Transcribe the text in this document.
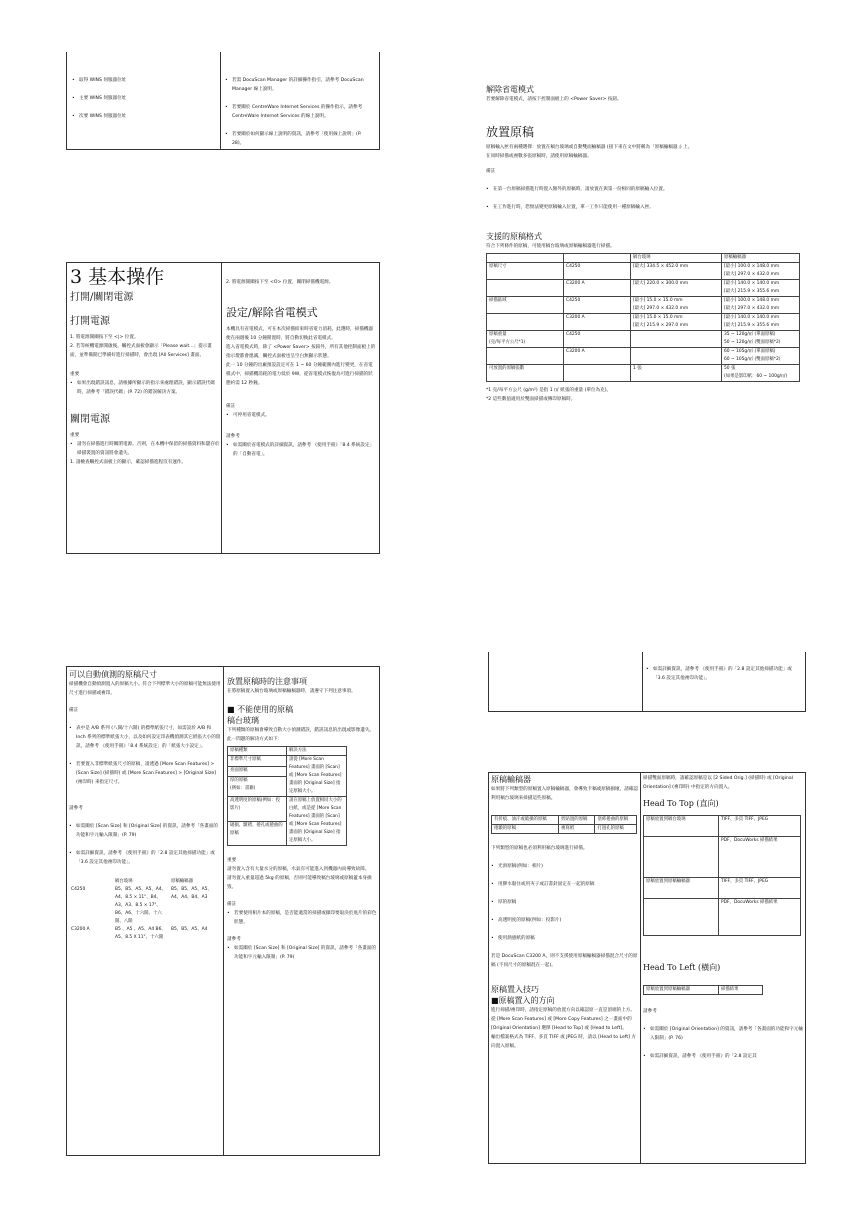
• 取得 WINS 伺服器位址

• 主要 WINS 伺服器位址

• 次要 WINS 伺服器位址

• 若需 DocuScan Manager 的詳細操作指引，請參考 DocuScan Manager 線上說明。

• 若要關於 CentreWare Internet Services 的操作指示，請參考 CentreWare Internet Services 的線上說明。

• 若要關於如何顯示線上說明的資訊，請參考「使用線上說明」(P. 28)。

3 基本操作
打開/關閉電源
打開電源
1. 將電源開關按下至 <|> 位置。
2. 若等候機電源開啟後，觸控式面板會顯示「Please wait...」提示畫面，並準備開已準備好進行掃描時，會出現 [All Services] 畫面。
重要
• 如果出現錯誤訊息，請根據所顯示的指示來處理錯誤，顯示錯誤代碼時，請參考「錯誤代碼」(P. 72) 的錯誤解決方案。
關閉電源
重要
• 請勿在掃描進行時關閉電源。否則，在本機中保留的掃描資料和儲存於掃描裝置的資訊將會遺失。
1. 請檢查觸控式面板上的顯示，確認掃描進程沒有運作。
2. 將電源開關按下至 <O> 位置，關閉掃描機電源。
設定/解除省電模式
本機具有省電模式，可在本次掃描結束時省電力消耗。此選時，掃描機器便在兩週後 10 分鐘閒置時，將自動切換此省電模式。
進入省電模式時，除了 <Power Saver> 按鈕外，所有其他控制面板上的指示燈都會熄滅，觸控式面板也呈空白無顯示狀態。
此一 10 分鐘的出廠預設設定可在 1 ~ 60 分鐘範圍內進行變更，在省電模式中，掃描機消耗的電力低於 9W，從省電模式恢復為可進行掃描的狀態約需 12 秒鐘。
備註
• 可停用省電模式。
請參考
• 如需關於省電模式的詳細資訊，請參考 《使用手冊》「8.4 系統設定」的「自動省電」。
解除省電模式
若要解除省電模式，請按下控制面板上的 <Power Saver> 按鈕。
放置原稿
原稿輸入匣有兩種選擇：放置在稿台玻璃或自動雙面輸稿器 (接下來在文中將稱為「原稿輸稿器」) 上。
在同時掃描或複數多張原稿時，請使用原稿輸稿器。
備註

• 在第一台原稿掃描進行時置入額外的原稿時，請放置在與第一份相同的原稿輸入位置。

• 在工作進行時，您無法變更原稿輸入位置，單一工作只能使用一種原稿輸入匣。

支援的原稿格式
符合下列條件的原稿，可使用稿台玻璃或原稿輸稿器進行掃描。
		稿台玻璃	原稿輸稿器
原稿尺寸	C4250	[最大] 334.5 × 452.0 mm	[最小] 100.0 × 148.0 mm
[最大] 297.0 × 432.0 mm
	C3200 A	[最大] 220.0 × 300.0 mm	[最小] 140.0 × 140.0 mm
[最大] 215.9 × 355.6 mm
掃描區域	C4250	[最小] 15.0 × 15.0 mm
[最大] 297.0 × 432.0 mm	[最小] 100.0 × 148.0 mm
[最大] 297.0 × 432.0 mm
	C3200 A	[最小] 15.0 × 15.0 mm
[最大] 215.9 × 297.0 mm	[最小] 140.0 × 140.0 mm
[最大] 215.9 × 355.6 mm
原稿重量
(克/每平方公尺*1)	C4250		35 ~ 120g/㎡ (單面原稿)
50 ~ 120g/㎡ (雙面原稿*2)
	C3200 A		60 ~ 105g/㎡ (單面原稿)
60 ~ 105g/㎡ (雙面原稿*2)
可放置的原稿張數		1 張	50 張
(如果是影印紙：60 ~ 100g/㎡)
*1 克/每平方公尺 (g/m²) 是指 1 ㎡ 紙張的重量 (單位為克)。
*2 這些數值適用於雙面掃描或傳印原稿時。
可以自動偵測的原稿尺寸
掃描機會自動偵測置入的原稿大小。符合下列標準大小的原稿可能無法使用尺寸進行掃描或複印。
備註

• 表中是 A/B 系列 (八開/十六開) 的標準紙張尺寸，如需設於 A/B 和 Inch 系列的標準紙張大小，以及如何設定印表機偵測其它紙張大小的資訊，請參考 《使用手冊》「8.4 系統設定」的「紙張大小設定」。

• 若要置入非標準紙張尺寸的原稿，請透過 [More Scan Features] > [Scan Size] (掃描時) 或 [More Scan Features] > [Original Size] (複印時) 來指定尺寸。

請參考

• 如需關於 [Scan Size] 和 [Original Size] 的資訊，請參考「各畫面的功能和字元輸入限制」(P. 79)

• 如需詳細資訊，請參考 《使用手冊》的「2.8 設定其他掃描功能」或「3.6 設定其他複印功能」。

	稿台玻璃	原稿輸稿器
C4250	B5、B5、A5、A5、A4、A4、8.5 × 11"、B4、A3、A3、8.5 × 17"、B6、A6、十六開、十六開、八開	B5、B5、A5、A5、A4、A4、B4、A3
C3200 A	B5 、A5 、A5、A4 B6、A5、8.5 X 11"、十六開	B5、B5、A5、A4
放置原稿時的注意事項
在將原稿置入稿台玻璃或原稿輸稿器時，請遵守下列注意事項。
■ 不能使用的原稿
稿台玻璃
下列種類的原稿會導致自動大小偵測錯誤，錯誤訊息的出現或影像遺失。
此一問題的解決方式如下：
原稿種類	解決方法
非標準尺寸原稿	請從 [More Scan Features] 畫面的 [Scan] 或 [More Scan Features] 畫面的 [Original Size] 指定原稿大小。
亮面原稿	
厚的原稿
(例如：書籍)	
高透明度的原稿(例如：投影片)	請在原稿上放置相同大小的白紙，或是從 [More Scan Features] 畫面的 [Scan] 或 [More Scan Features] 畫面的 [Original Size] 指定原稿大小。
破損、皺褶、捲孔或捲曲的原稿	
重要
請勿置入含有大量水分的原稿，水氣有可能進入到機器內而導致故障。
請勿置入重量超過 5kg 的原稿，否則可能導致稿台玻璃或原稿蓋本身損毀。
備註
• 若要使用相片本的原稿，是否能適當的掃描或擷印要取決於底片的彩色狀態。
請參考
• 如需關於 [Scan Size] 和 [Original Size] 的資訊，請參考「各畫面的功能和字元輸入限制」(P. 79)

• 如需詳細資訊，請參考 《使用手冊》的「2.8 設定其他掃描功能」或「3.6 設定其他複印功能」。

原稿輸稿器
如果將下列類型的原稿置入原稿輸稿器，會導致卡稿或原稿損壞，請確認利用稿台玻璃來掃描這些原稿。
有折痕、油汙或破損的原稿	剪貼過的原稿	塗佈捲曲的原稿
捲皺的原稿	複寫紙	打過孔的原稿
下列類型的原稿也必須利用稿台玻璃進行掃描。

• 光滑原稿(例如：相片)

• 用膠水黏住或用夾子或訂書針固定在一起的原稿

• 厚的原稿

• 高透明度的原稿(例如：投影片)

• 使用熱感紙的原稿

若是 DocuScan C3200 A，則不支援使用原稿輸稿器掃描混合尺寸的原稿 (不同尺寸的原稿混在一起)。
原稿置入技巧
■原稿置入的方向
進行掃描/複印時，請指定原稿的放置方向以確認原一直是頂端的上方。
從 [More Scan Features] 或 [More Copy Features] 之一畫面中的 [Original Orientation] 選擇 [Head to Top] 或 [Head to Left]。
輸出檔案格式為 TIFF、多頁 TIFF 或 JPEG 時，請以 [Head to Left] 方向置入原稿。
掃描雙面原稿時，請確認原稿是以 [2 Sided Orig.] (掃描時) 或 [Original Orientation] (複印時) 中指定的方向置入。
Head To Top (直向)
原稿放置到稿台玻璃	TIFF、多頁 TIFF、JPEG
	PDF、DocuWorks 掃描結果
原稿放置到原稿輸稿器	TIFF、多頁 TIFF、JPEG
	PDF、DocuWorks 掃描結果
Head To Left (橫向)
原稿放置到原稿輸稿器	掃描結果
請參考

• 如需關於 [Original Orientation] 的資訊，請參考「各畫面的功能和字元輸入限制」(P. 76)

• 如需詳細資訊，請參考 《使用手冊》的「2.8 設定其
